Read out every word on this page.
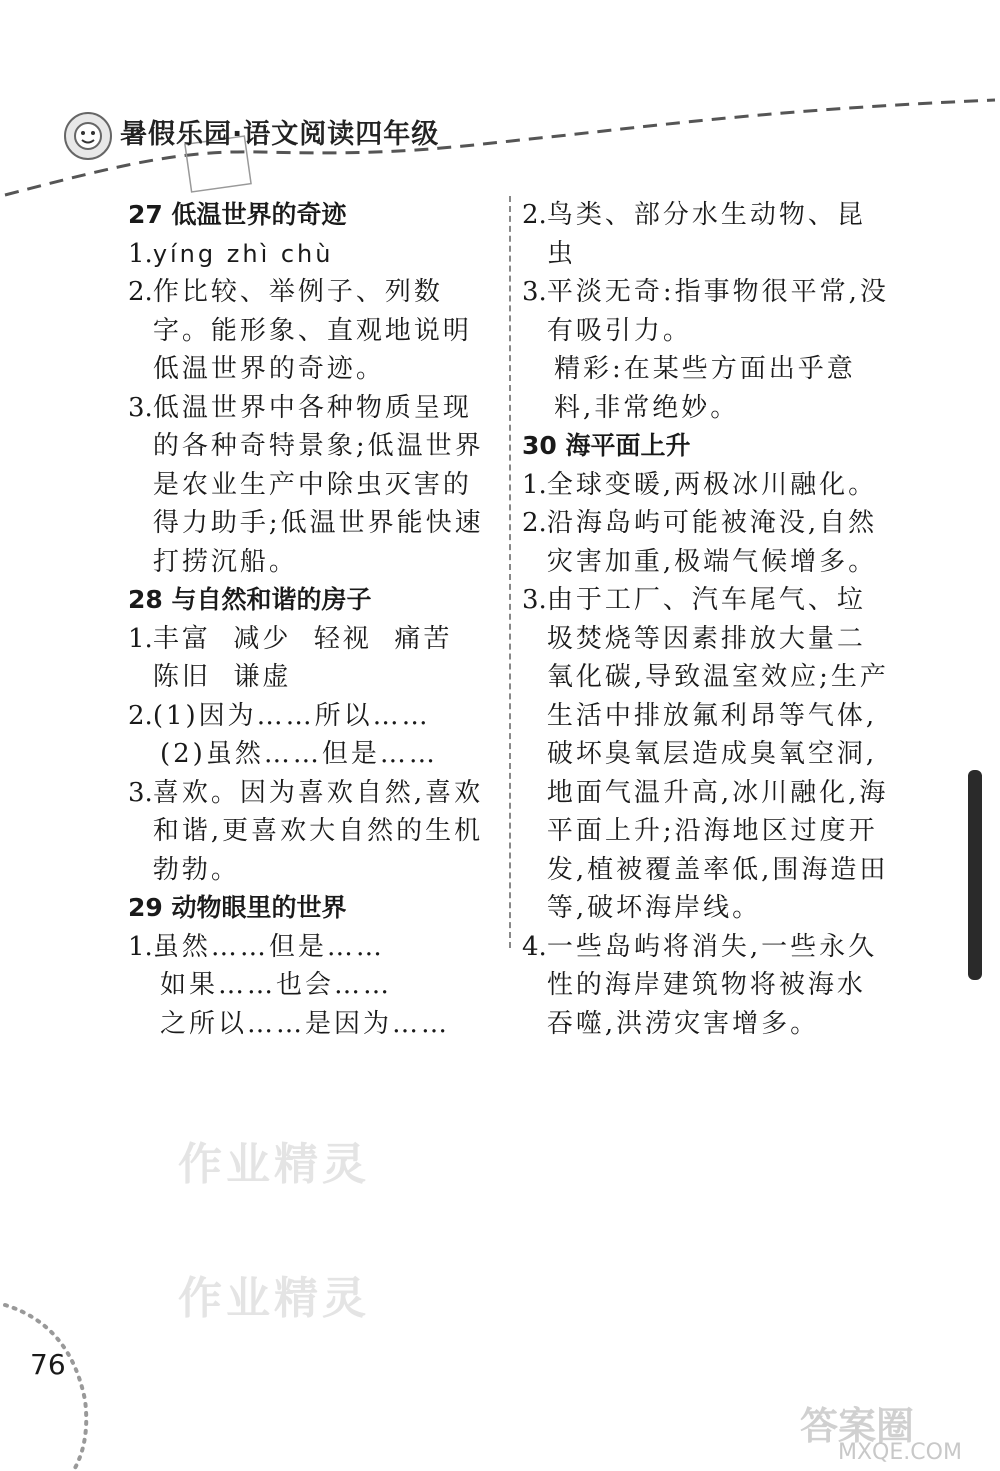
暑假乐园·语文阅读四年级
27 低温世界的奇迹
1. yíng zhì chù
2. 作比较、举例子、列数字。能形象、直观地说明低温世界的奇迹。
3. 低温世界中各种物质呈现的各种奇特景象;低温世界是农业生产中除虫灭害的得力助手;低温世界能快速打捞沉船。
28 与自然和谐的房子
1. 丰富  减少  轻视  痛苦  陈旧  谦虚
2. (1)因为……所以……
(2)虽然……但是……
3. 喜欢。因为喜欢自然,喜欢和谐,更喜欢大自然的生机勃勃。
29 动物眼里的世界
1. 虽然……但是……
如果……也会……
之所以……是因为……
2. 鸟类、部分水生动物、昆虫
3. 平淡无奇:指事物很平常,没有吸引力。
精彩:在某些方面出乎意料,非常绝妙。
30 海平面上升
1. 全球变暖,两极冰川融化。
2. 沿海岛屿可能被淹没,自然灾害加重,极端气候增多。
3. 由于工厂、汽车尾气、垃圾焚烧等因素排放大量二氧化碳,导致温室效应;生产生活中排放氟利昂等气体,破坏臭氧层造成臭氧空洞,地面气温升高,冰川融化,海平面上升;沿海地区过度开发,植被覆盖率低,围海造田等,破坏海岸线。
4. 一些岛屿将消失,一些永久性的海岸建筑物将被海水吞噬,洪涝灾害增多。
作业精灵
作业精灵
76
答案圈
MXQE.COM
